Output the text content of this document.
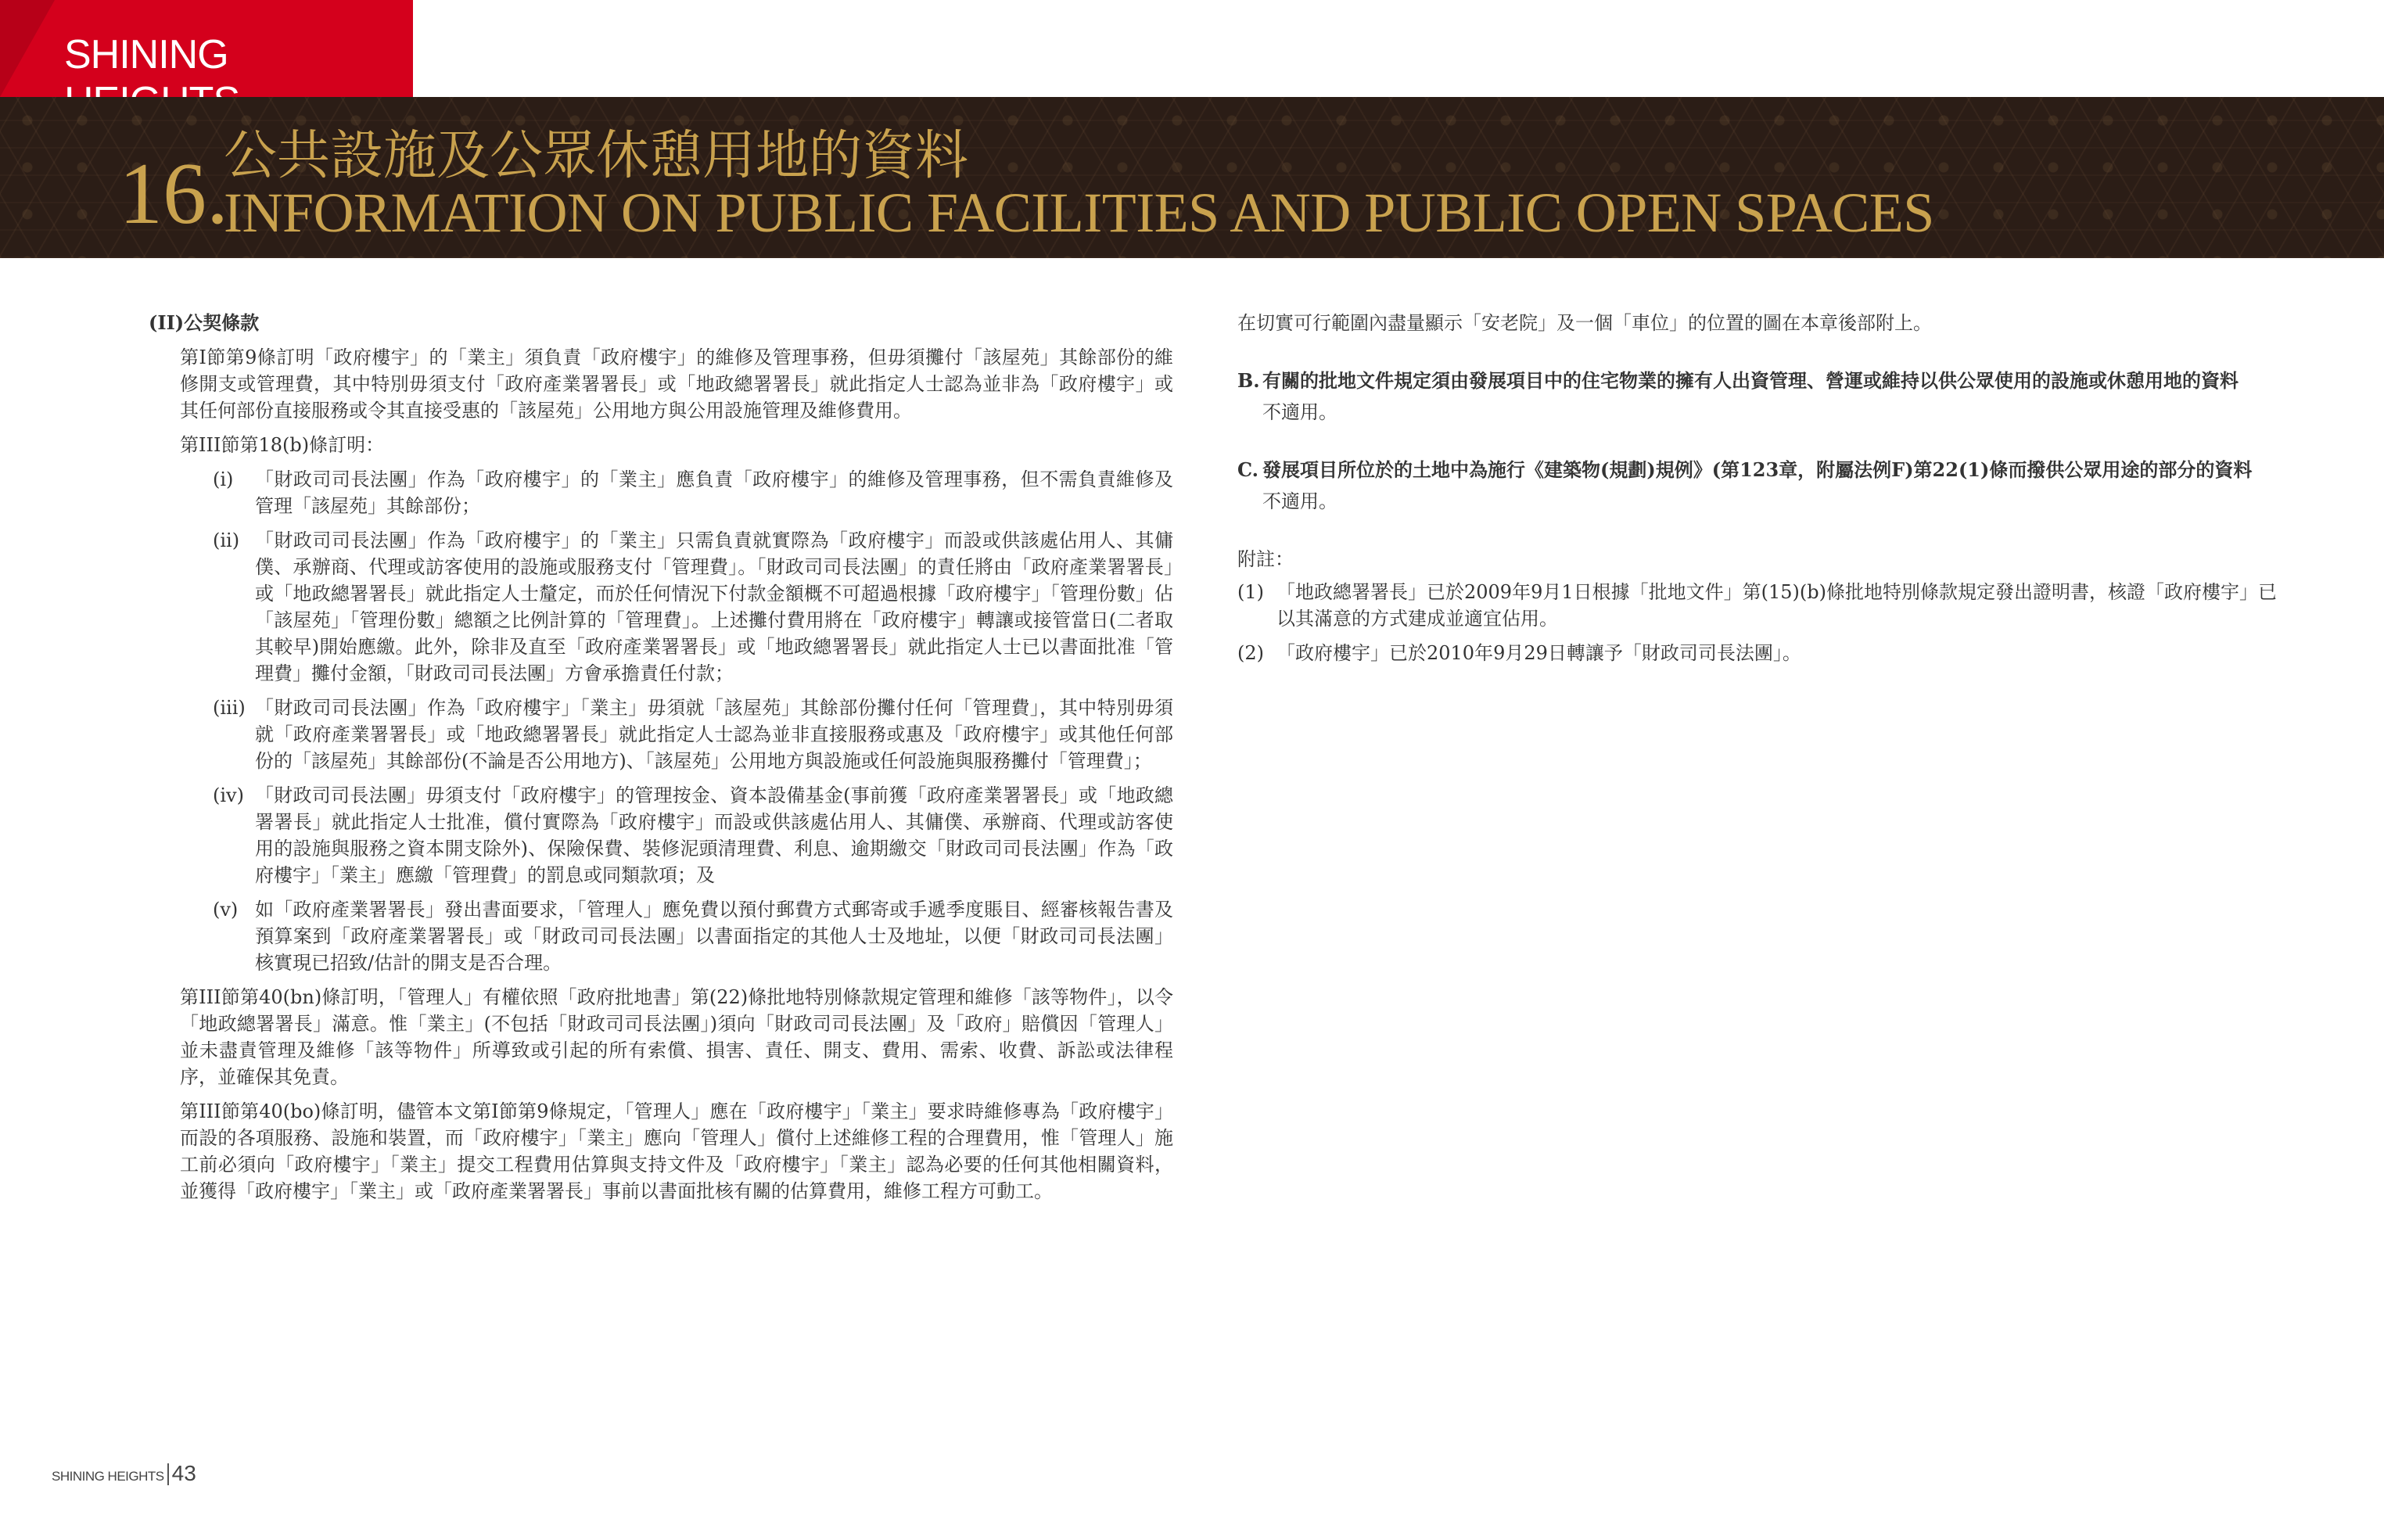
SHINING
16.
公共設施及公眾休憩用地的資料
INFORMATION ON PUBLIC FACILITIES AND PUBLIC OPEN SPACES
(II)公契條款
第I節第9條訂明「政府樓宇」的「業主」須負責「政府樓宇」的維修及管理事務，但毋須攤付「該屋苑」其餘部份的維修開支或管理費，其中特別毋須支付「政府產業署署長」或「地政總署署長」就此指定人士認為並非為「政府樓宇」或其任何部份直接服務或令其直接受惠的「該屋苑」公用地方與公用設施管理及維修費用。
第III節第18(b)條訂明：
(i) 「財政司司長法團」作為「政府樓宇」的「業主」應負責「政府樓宇」的維修及管理事務，但不需負責維修及管理「該屋苑」其餘部份；
(ii) 「財政司司長法團」作為「政府樓宇」的「業主」只需負責就實際為「政府樓宇」而設或供該處佔用人、其傭僕、承辦商、代理或訪客使用的設施或服務支付「管理費」。「財政司司長法團」的責任將由「政府產業署署長」或「地政總署署長」就此指定人士釐定，而於任何情況下付款金額概不可超過根據「政府樓宇」「管理份數」佔「該屋苑」「管理份數」總額之比例計算的「管理費」。上述攤付費用將在「政府樓宇」轉讓或接管當日(二者取其較早)開始應繳。此外，除非及直至「政府產業署署長」或「地政總署署長」就此指定人士已以書面批准「管理費」攤付金額，「財政司司長法團」方會承擔責任付款；
(iii) 「財政司司長法團」作為「政府樓宇」「業主」毋須就「該屋苑」其餘部份攤付任何「管理費」，其中特別毋須就「政府產業署署長」或「地政總署署長」就此指定人士認為並非直接服務或惠及「政府樓宇」或其他任何部份的「該屋苑」其餘部份(不論是否公用地方)、「該屋苑」公用地方與設施或任何設施與服務攤付「管理費」；
(iv) 「財政司司長法團」毋須支付「政府樓宇」的管理按金、資本設備基金(事前獲「政府產業署署長」或「地政總署署長」就此指定人士批准，償付實際為「政府樓宇」而設或供該處佔用人、其傭僕、承辦商、代理或訪客使用的設施與服務之資本開支除外)、保險保費、裝修泥頭清理費、利息、逾期繳交「財政司司長法團」作為「政府樓宇」「業主」應繳「管理費」的罰息或同類款項；及
(v) 如「政府產業署署長」發出書面要求，「管理人」應免費以預付郵費方式郵寄或手遞季度賬目、經審核報告書及預算案到「政府產業署署長」或「財政司司長法團」以書面指定的其他人士及地址，以便「財政司司長法團」核實現已招致/估計的開支是否合理。
第III節第40(bn)條訂明，「管理人」有權依照「政府批地書」第(22)條批地特別條款規定管理和維修「該等物件」，以令「地政總署署長」滿意。惟「業主」(不包括「財政司司長法團」)須向「財政司司長法團」及「政府」賠償因「管理人」並未盡責管理及維修「該等物件」所導致或引起的所有索償、損害、責任、開支、費用、需索、收費、訴訟或法律程序，並確保其免責。
第III節第40(bo)條訂明，儘管本文第I節第9條規定，「管理人」應在「政府樓宇」「業主」要求時維修專為「政府樓宇」而設的各項服務、設施和裝置，而「政府樓宇」「業主」應向「管理人」償付上述維修工程的合理費用，惟「管理人」施工前必須向「政府樓宇」「業主」提交工程費用估算與支持文件及「政府樓宇」「業主」認為必要的任何其他相關資料，並獲得「政府樓宇」「業主」或「政府產業署署長」事前以書面批核有關的估算費用，維修工程方可動工。
在切實可行範圍內盡量顯示「安老院」及一個「車位」的位置的圖在本章後部附上。
B. 有關的批地文件規定須由發展項目中的住宅物業的擁有人出資管理、營運或維持以供公眾使用的設施或休憩用地的資料
不適用。
C. 發展項目所位於的土地中為施行《建築物(規劃)規例》(第123章，附屬法例F)第22(1)條而撥供公眾用途的部分的資料
不適用。
附註：
(1) 「地政總署署長」已於2009年9月1日根據「批地文件」第(15)(b)條批地特別條款規定發出證明書，核證「政府樓宇」已以其滿意的方式建成並適宜佔用。
(2) 「政府樓宇」已於2010年9月29日轉讓予「財政司司長法團」。
SHINING HEIGHTS 43
